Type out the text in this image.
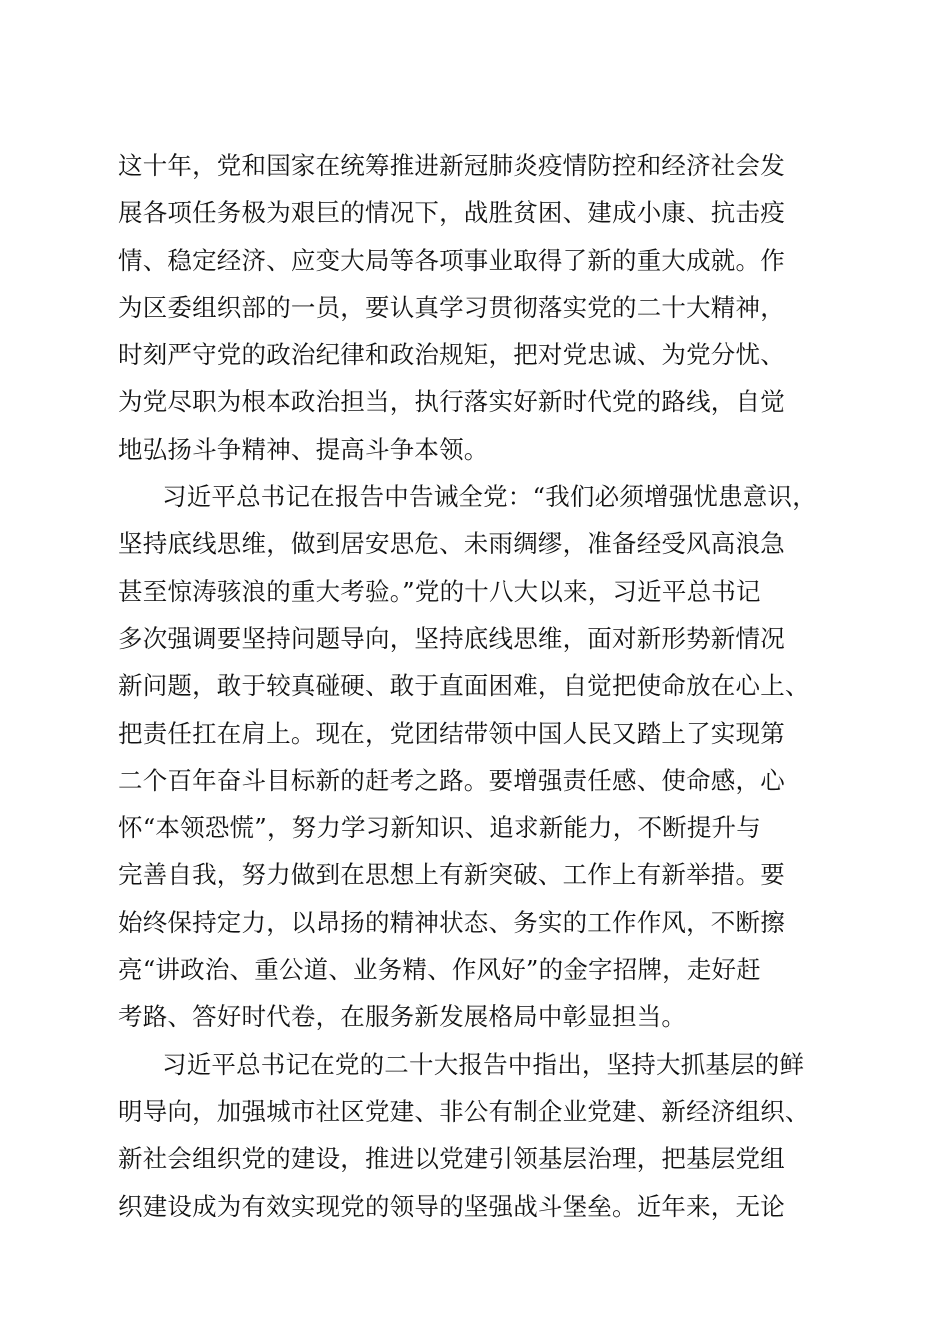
这十年，党和国家在统筹推进新冠肺炎疫情防控和经济社会发
展各项任务极为艰巨的情况下，战胜贫困、建成小康、抗击疫
情、稳定经济、应变大局等各项事业取得了新的重大成就。作
为区委组织部的一员，要认真学习贯彻落实党的二十大精神，
时刻严守党的政治纪律和政治规矩，把对党忠诚、为党分忧、
为党尽职为根本政治担当，执行落实好新时代党的路线，自觉
地弘扬斗争精神、提高斗争本领。
习近平总书记在报告中告诫全党：“我们必须增强忧患意识，
坚持底线思维，做到居安思危、未雨绸缪，准备经受风高浪急
甚至惊涛骇浪的重大考验。”党的十八大以来，习近平总书记
多次强调要坚持问题导向，坚持底线思维，面对新形势新情况
新问题，敢于较真碰硬、敢于直面困难，自觉把使命放在心上、
把责任扛在肩上。现在，党团结带领中国人民又踏上了实现第
二个百年奋斗目标新的赶考之路。要增强责任感、使命感，心
怀“本领恐慌”，努力学习新知识、追求新能力，不断提升与
完善自我，努力做到在思想上有新突破、工作上有新举措。要
始终保持定力，以昂扬的精神状态、务实的工作作风，不断擦
亮“讲政治、重公道、业务精、作风好”的金字招牌，走好赶
考路、答好时代卷，在服务新发展格局中彰显担当。
习近平总书记在党的二十大报告中指出，坚持大抓基层的鲜
明导向，加强城市社区党建、非公有制企业党建、新经济组织、
新社会组织党的建设，推进以党建引领基层治理，把基层党组
织建设成为有效实现党的领导的坚强战斗堡垒。近年来，无论
